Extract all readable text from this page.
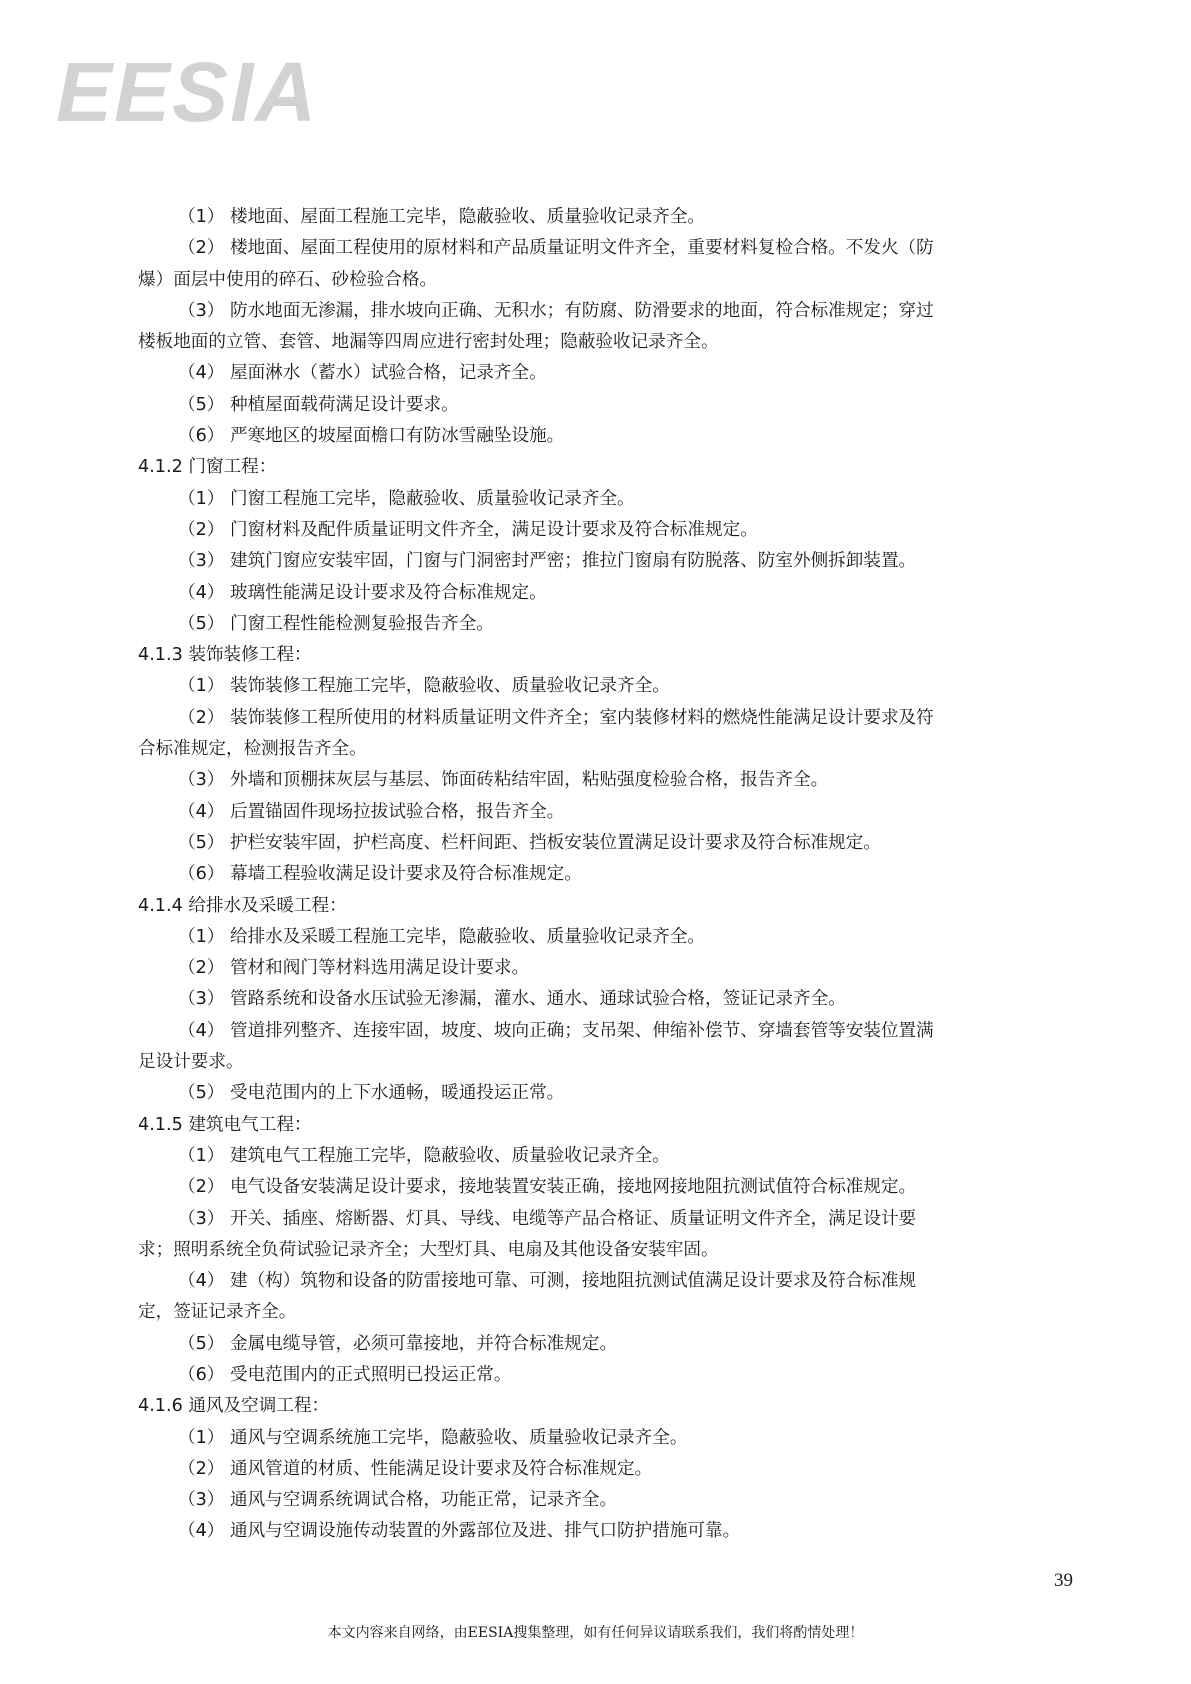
EESIA
（1） 楼地面、屋面工程施工完毕，隐蔽验收、质量验收记录齐全。
（2） 楼地面、屋面工程使用的原材料和产品质量证明文件齐全，重要材料复检合格。不发火（防
爆）面层中使用的碎石、砂检验合格。
（3） 防水地面无渗漏，排水坡向正确、无积水；有防腐、防滑要求的地面，符合标准规定；穿过
楼板地面的立管、套管、地漏等四周应进行密封处理；隐蔽验收记录齐全。
（4） 屋面淋水（蓄水）试验合格，记录齐全。
（5） 种植屋面载荷满足设计要求。
（6） 严寒地区的坡屋面檐口有防冰雪融坠设施。
4.1.2 门窗工程：
（1） 门窗工程施工完毕，隐蔽验收、质量验收记录齐全。
（2） 门窗材料及配件质量证明文件齐全，满足设计要求及符合标准规定。
（3） 建筑门窗应安装牢固，门窗与门洞密封严密；推拉门窗扇有防脱落、防室外侧拆卸装置。
（4） 玻璃性能满足设计要求及符合标准规定。
（5） 门窗工程性能检测复验报告齐全。
4.1.3 装饰装修工程：
（1） 装饰装修工程施工完毕，隐蔽验收、质量验收记录齐全。
（2） 装饰装修工程所使用的材料质量证明文件齐全；室内装修材料的燃烧性能满足设计要求及符
合标准规定，检测报告齐全。
（3） 外墙和顶棚抹灰层与基层、饰面砖粘结牢固，粘贴强度检验合格，报告齐全。
（4） 后置锚固件现场拉拔试验合格，报告齐全。
（5） 护栏安装牢固，护栏高度、栏杆间距、挡板安装位置满足设计要求及符合标准规定。
（6） 幕墙工程验收满足设计要求及符合标准规定。
4.1.4 给排水及采暖工程：
（1） 给排水及采暖工程施工完毕，隐蔽验收、质量验收记录齐全。
（2） 管材和阀门等材料选用满足设计要求。
（3） 管路系统和设备水压试验无渗漏，灌水、通水、通球试验合格，签证记录齐全。
（4） 管道排列整齐、连接牢固，坡度、坡向正确；支吊架、伸缩补偿节、穿墙套管等安装位置满
足设计要求。
（5） 受电范围内的上下水通畅，暖通投运正常。
4.1.5 建筑电气工程：
（1） 建筑电气工程施工完毕，隐蔽验收、质量验收记录齐全。
（2） 电气设备安装满足设计要求，接地装置安装正确，接地网接地阻抗测试值符合标准规定。
（3） 开关、插座、熔断器、灯具、导线、电缆等产品合格证、质量证明文件齐全，满足设计要
求；照明系统全负荷试验记录齐全；大型灯具、电扇及其他设备安装牢固。
（4） 建（构）筑物和设备的防雷接地可靠、可测，接地阻抗测试值满足设计要求及符合标准规
定，签证记录齐全。
（5） 金属电缆导管，必须可靠接地，并符合标准规定。
（6） 受电范围内的正式照明已投运正常。
4.1.6 通风及空调工程：
（1） 通风与空调系统施工完毕，隐蔽验收、质量验收记录齐全。
（2） 通风管道的材质、性能满足设计要求及符合标准规定。
（3） 通风与空调系统调试合格，功能正常，记录齐全。
（4） 通风与空调设施传动装置的外露部位及进、排气口防护措施可靠。
39
本文内容来自网络，由EESIA搜集整理，如有任何异议请联系我们，我们将酌情处理！
